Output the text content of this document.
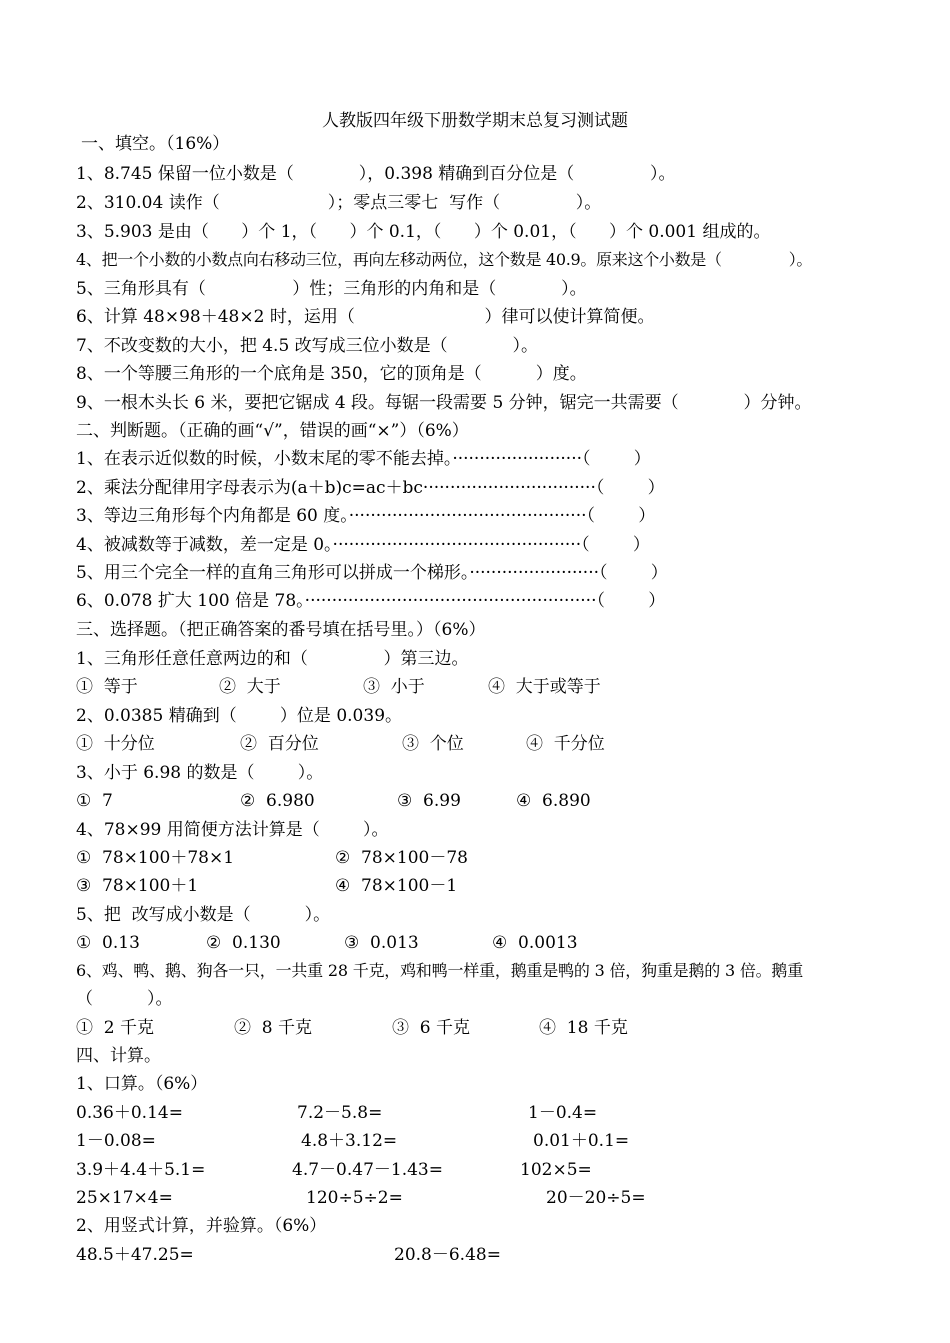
人教版四年级下册数学期末总复习测试题
一、填空。（16%）
1、8.745 保留一位小数是（            ），0.398 精确到百分位是（              ）。
2、310.04 读作（                    ）；零点三零七  写作（              ）。
3、5.903 是由（      ）个 1，（      ）个 0.1，（      ）个 0.01，（      ）个 0.001 组成的。
4、把一个小数的小数点向右移动三位，再向左移动两位，这个数是 40.9。原来这个小数是（              ）。
5、三角形具有（                ）性；三角形的内角和是（            ）。
6、计算 48×98＋48×2 时，运用（                        ）律可以使计算简便。
7、不改变数的大小，把 4.5 改写成三位小数是（            ）。
8、一个等腰三角形的一个底角是 350，它的顶角是（          ）度。
9、一根木头长 6 米，要把它锯成 4 段。每锯一段需要 5 分钟，锯完一共需要（            ）分钟。
二、判断题。（正确的画“√”，错误的画“×”）（6%）
1、在表示近似数的时候，小数末尾的零不能去掉。························（        ）
2、乘法分配律用字母表示为(a＋b)c=ac＋bc································（        ）
3、等边三角形每个内角都是 60 度。············································（        ）
4、被减数等于减数，差一定是 0。··············································（        ）
5、用三个完全一样的直角三角形可以拼成一个梯形。························（        ）
6、0.078 扩大 100 倍是 78。······················································（        ）
三、选择题。（把正确答案的番号填在括号里。）（6%）
1、三角形任意任意两边的和（              ）第三边。
①  等于	②  大于	③  小于	④  大于或等于
2、0.0385 精确到（        ）位是 0.039。
①  十分位	②  百分位	③  个位	④  千分位
3、小于 6.98 的数是（        ）。
①  7	②  6.980	③  6.99	④  6.890
4、78×99 用简便方法计算是（        ）。
①  78×100＋78×1	②  78×100－78
③  78×100＋1	④  78×100－1
5、把  改写成小数是（          ）。
①  0.13	②  0.130	③  0.013	④  0.0013
6、鸡、鸭、鹅、狗各一只，一共重 28 千克，鸡和鸭一样重，鹅重是鸭的 3 倍，狗重是鹅的 3 倍。鹅重
（          ）。
①  2 千克	②  8 千克	③  6 千克	④  18 千克
四、计算。
1、口算。（6%）
0.36＋0.14=	7.2－5.8=	1－0.4=
1－0.08=	4.8＋3.12=	0.01＋0.1=
3.9＋4.4＋5.1=	4.7－0.47－1.43=	102×5=
25×17×4=	120÷5÷2=	20－20÷5=
2、用竖式计算，并验算。（6%）
48.5＋47.25=	20.8－6.48=
